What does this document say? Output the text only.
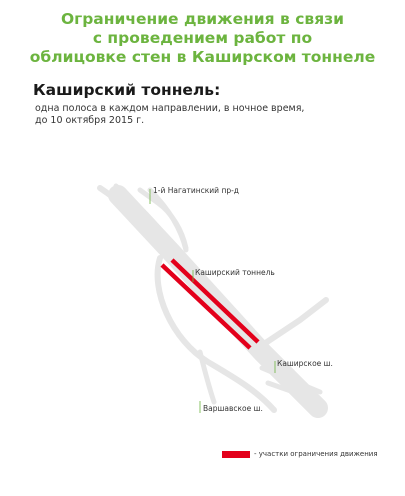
Ограничение движения в связи
с проведением работ по
облицовке стен в Каширском тоннеле
Каширский тоннель:
одна полоса в каждом направлении, в ночное время,
до 10 октября 2015 г.
1-й Нагатинский пр-д
Каширский тоннель
Каширское ш.
Варшавское ш.
- участки ограничения движения
